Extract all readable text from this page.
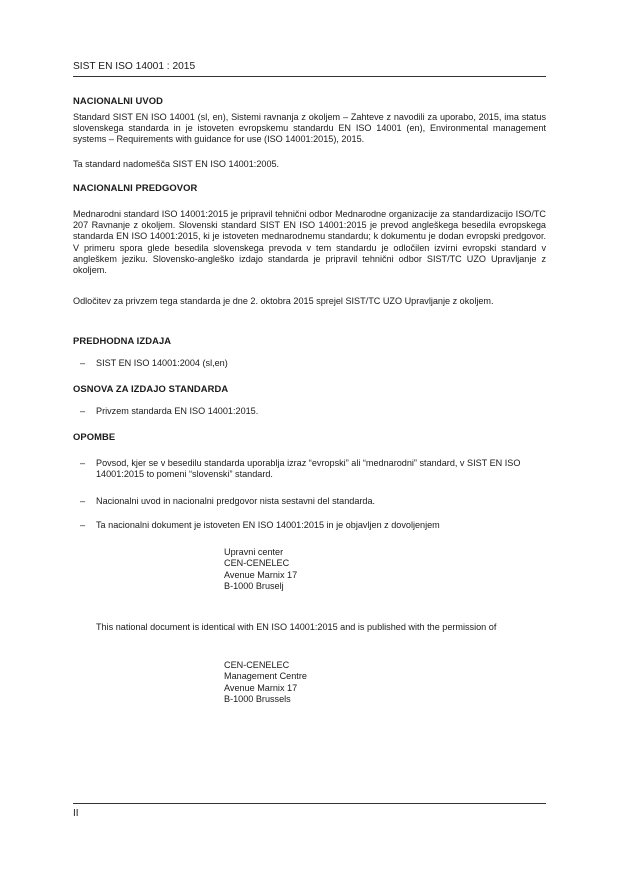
SIST EN ISO 14001 : 2015
NACIONALNI UVOD
Standard SIST EN ISO 14001 (sl, en), Sistemi ravnanja z okoljem – Zahteve z navodili za uporabo, 2015, ima status slovenskega standarda in je istoveten evropskemu standardu EN ISO 14001 (en), Environmental management systems – Requirements with guidance for use (ISO 14001:2015), 2015.
Ta standard nadomešča SIST EN ISO 14001:2005.
NACIONALNI PREDGOVOR
Mednarodni standard ISO 14001:2015 je pripravil tehnični odbor Mednarodne organizacije za standardizacijo ISO/TC 207 Ravnanje z okoljem. Slovenski standard SIST EN ISO 14001:2015 je prevod angleškega besedila evropskega standarda EN ISO 14001:2015, ki je istoveten mednarodnemu standardu; k dokumentu je dodan evropski predgovor. V primeru spora glede besedila slovenskega prevoda v tem standardu je odločilen izvirni evropski standard v angleškem jeziku. Slovensko-angleško izdajo standarda je pripravil tehnični odbor SIST/TC UZO Upravljanje z okoljem.
Odločitev za privzem tega standarda je dne 2. oktobra 2015 sprejel SIST/TC UZO Upravljanje z okoljem.
PREDHODNA IZDAJA
– SIST EN ISO 14001:2004 (sl,en)
OSNOVA ZA IZDAJO STANDARDA
– Privzem standarda EN ISO 14001:2015.
OPOMBE
– Povsod, kjer se v besedilu standarda uporablja izraz “evropski” ali “mednarodni” standard, v SIST EN ISO 14001:2015 to pomeni “slovenski” standard.
– Nacionalni uvod in nacionalni predgovor nista sestavni del standarda.
– Ta nacionalni dokument je istoveten EN ISO 14001:2015 in je objavljen z dovoljenjem
Upravni center
CEN-CENELEC
Avenue Marnix 17
B-1000 Bruselj
This national document is identical with EN ISO 14001:2015 and is published with the permission of
CEN-CENELEC
Management Centre
Avenue Marnix 17
B-1000 Brussels
II
